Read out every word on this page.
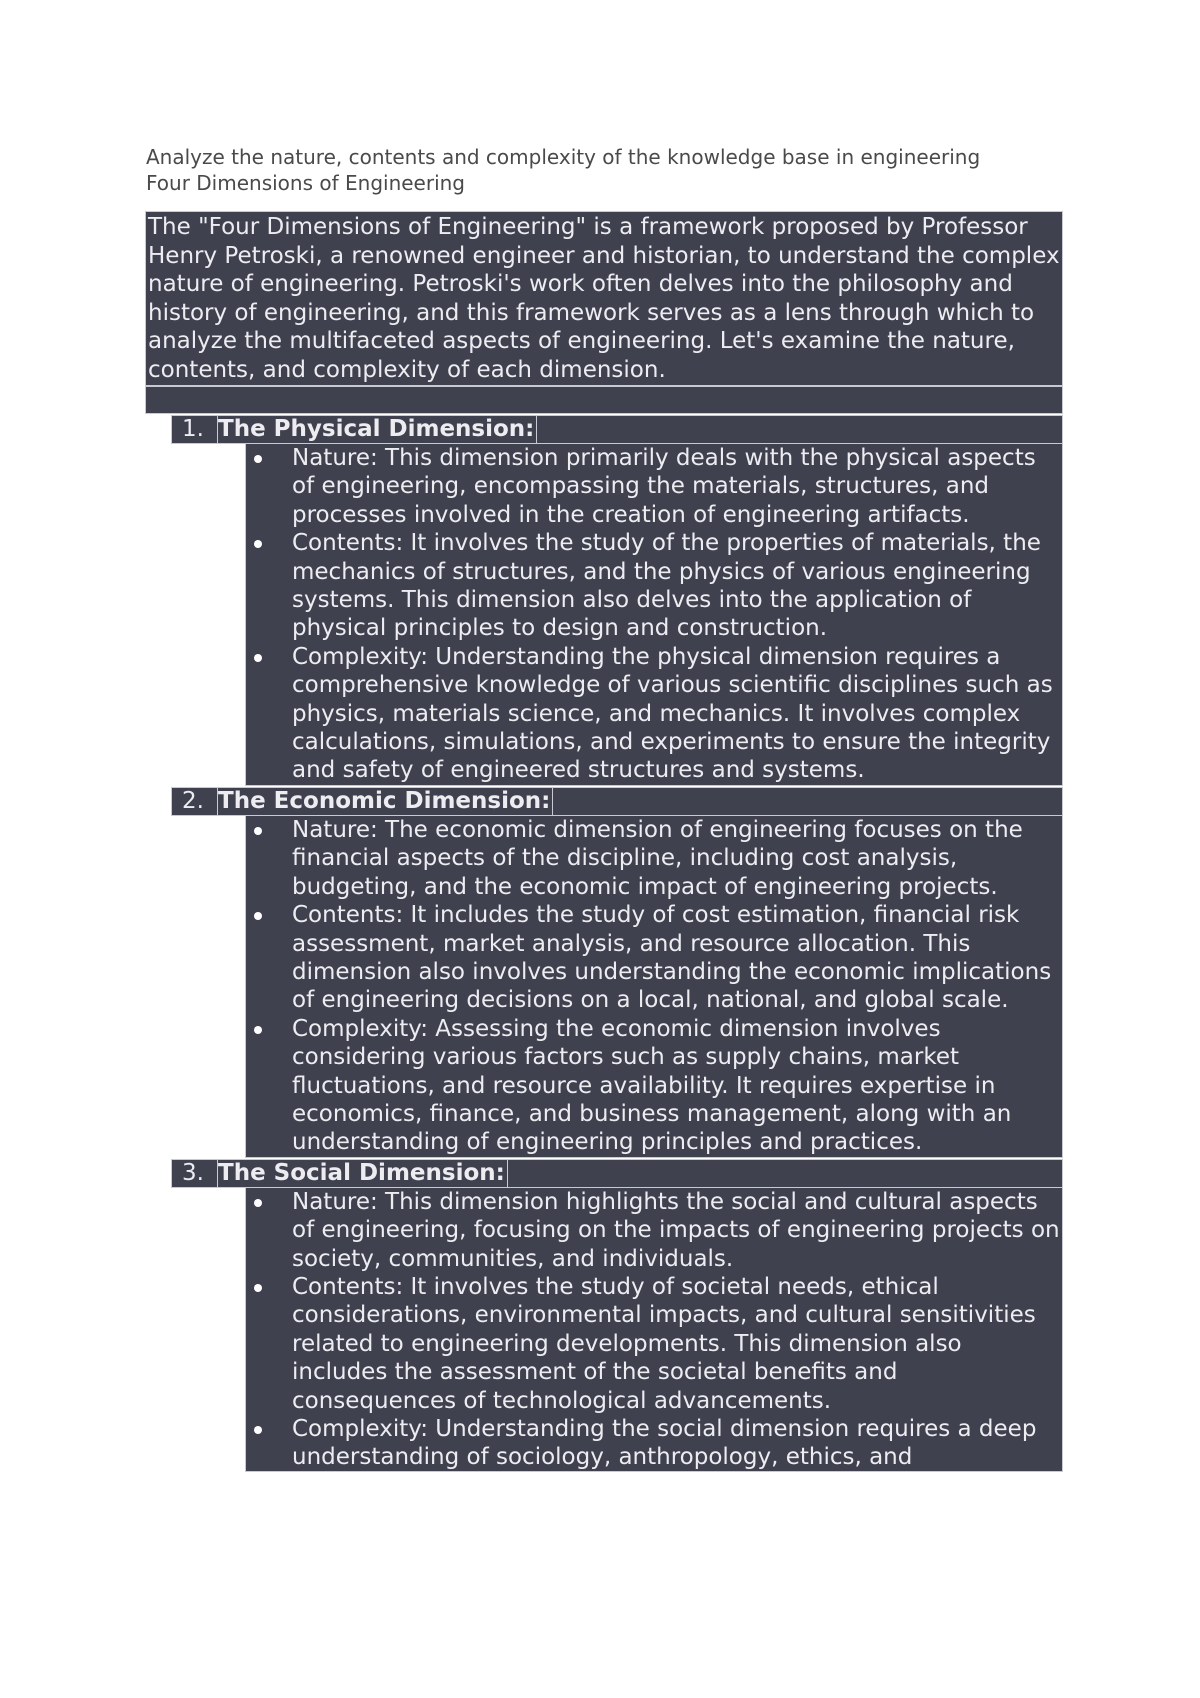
Analyze the nature, contents and complexity of the knowledge base in engineering
Four Dimensions of Engineering
The "Four Dimensions of Engineering" is a framework proposed by Professor Henry Petroski, a renowned engineer and historian, to understand the complex nature of engineering. Petroski's work often delves into the philosophy and history of engineering, and this framework serves as a lens through which to analyze the multifaceted aspects of engineering. Let's examine the nature, contents, and complexity of each dimension.
1. The Physical Dimension:
Nature: This dimension primarily deals with the physical aspects of engineering, encompassing the materials, structures, and processes involved in the creation of engineering artifacts.
Contents: It involves the study of the properties of materials, the mechanics of structures, and the physics of various engineering systems. This dimension also delves into the application of physical principles to design and construction.
Complexity: Understanding the physical dimension requires a comprehensive knowledge of various scientific disciplines such as physics, materials science, and mechanics. It involves complex calculations, simulations, and experiments to ensure the integrity and safety of engineered structures and systems.
2. The Economic Dimension:
Nature: The economic dimension of engineering focuses on the financial aspects of the discipline, including cost analysis, budgeting, and the economic impact of engineering projects.
Contents: It includes the study of cost estimation, financial risk assessment, market analysis, and resource allocation. This dimension also involves understanding the economic implications of engineering decisions on a local, national, and global scale.
Complexity: Assessing the economic dimension involves considering various factors such as supply chains, market fluctuations, and resource availability. It requires expertise in economics, finance, and business management, along with an understanding of engineering principles and practices.
3. The Social Dimension:
Nature: This dimension highlights the social and cultural aspects of engineering, focusing on the impacts of engineering projects on society, communities, and individuals.
Contents: It involves the study of societal needs, ethical considerations, environmental impacts, and cultural sensitivities related to engineering developments. This dimension also includes the assessment of the societal benefits and consequences of technological advancements.
Complexity: Understanding the social dimension requires a deep understanding of sociology, anthropology, ethics, and
